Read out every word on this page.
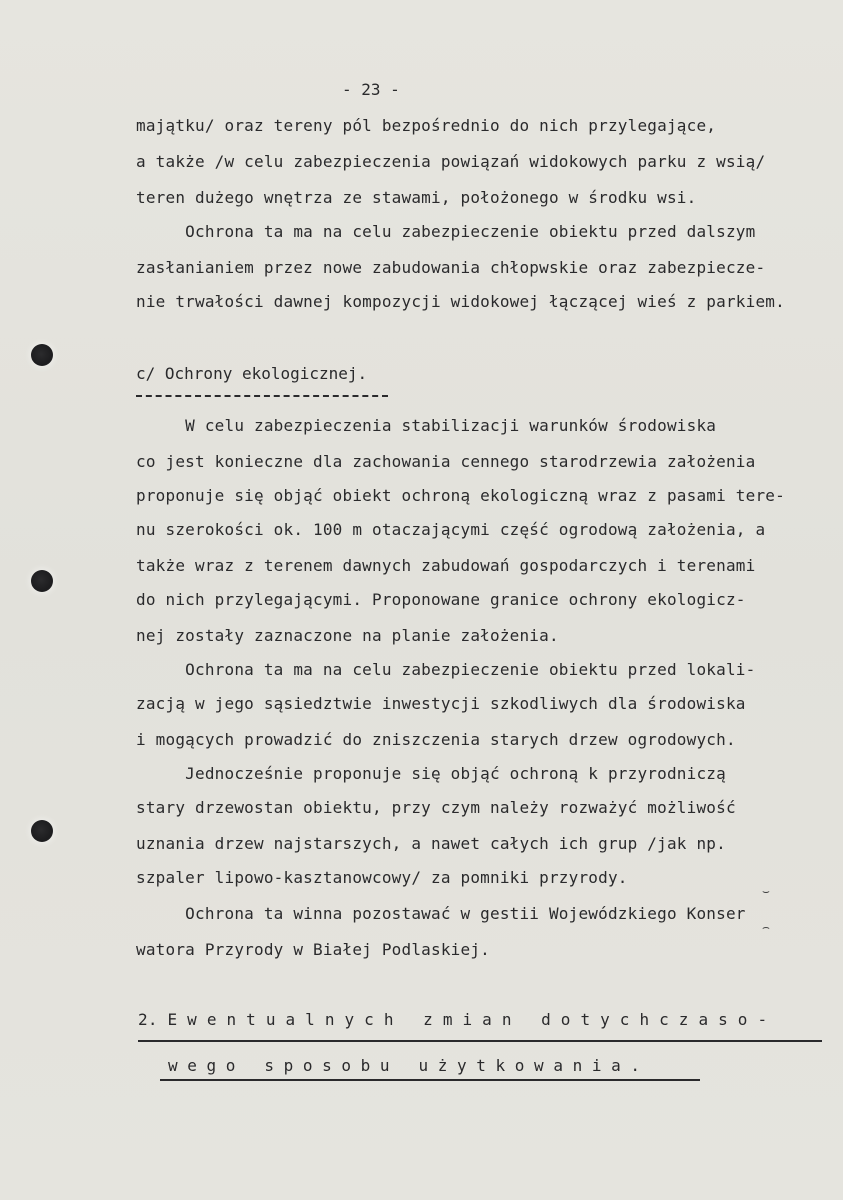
- 23 -
majątku/ oraz tereny pól bezpośrednio do nich przylegające,
a także /w celu zabezpieczenia powiązań widokowych parku z wsią/
teren dużego wnętrza ze stawami, położonego w środku wsi.
Ochrona ta ma na celu zabezpieczenie obiektu przed dalszym
zasłanianiem przez nowe zabudowania chłopwskie oraz zabezpiecze-
nie trwałości dawnej kompozycji widokowej łączącej wieś z parkiem.
c/ Ochrony ekologicznej.
W celu zabezpieczenia stabilizacji warunków środowiska
co jest konieczne dla zachowania cennego starodrzewia założenia
proponuje się objąć obiekt ochroną ekologiczną wraz z pasami tere-
nu szerokości ok. 100 m otaczającymi część ogrodową założenia, a
także wraz z terenem dawnych zabudowań gospodarczych i terenami
do nich przylegającymi. Proponowane granice ochrony ekologicz-
nej zostały zaznaczone na planie założenia.
Ochrona ta ma na celu zabezpieczenie obiektu przed lokali-
zacją w jego sąsiedztwie inwestycji szkodliwych dla środowiska
i mogących prowadzić do zniszczenia starych drzew ogrodowych.
Jednocześnie proponuje się objąć ochroną k przyrodniczą
stary drzewostan obiektu, przy czym należy rozważyć możliwość
uznania drzew najstarszych, a nawet całych ich grup /jak np.
szpaler lipowo-kasztanowcowy/ za pomniki przyrody.
Ochrona ta winna pozostawać w gestii Wojewódzkiego Konser
watora Przyrody w Białej Podlaskiej.
⌣
⌢
2. E w e n t u a l n y c h   z m i a n   d o t y c h c z a s o -
w e g o   s p o s o b u   u ż y t k o w a n i a .
